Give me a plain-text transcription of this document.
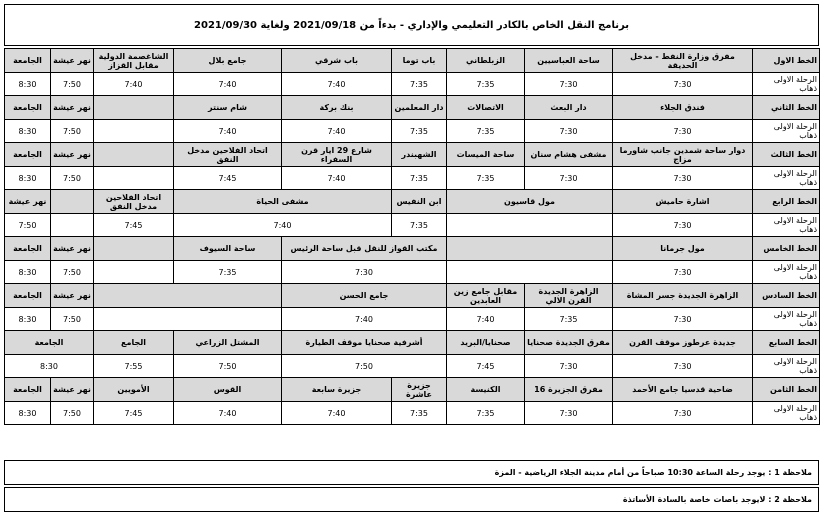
برنامج النقل الخاص بالكادر التعليمي والإداري - بدءاً من 2021/09/18 ولغاية 2021/09/30
الخط الاول	مفرق وزارة النفط - مدخل الحديقة	ساحة العباسيين	الزبلطاني	باب توما	باب شرقي	جامع بلال	الشاغصمة الدولية مقابل القزاز	نهر عيشة	الجامعة	
الرحلة الاولى ذهاب	7:30	7:30	7:35	7:35	7:40	7:40	7:40	7:50	8:30	
الخط الثاني	فندق الجلاء	دار البعث	الاتصالات	دار المعلمين	بنك بركة	شام سنتر		نهر عيشة	الجامعة	
الرحلة الاولى ذهاب	7:30	7:30	7:35	7:35	7:40	7:40		7:50	8:30	
الخط الثالث	دوار ساحة شمدين جانب شاورما مزاج	مشفى هشام سنان	ساحة الميسات	الشهبندر	شارع 29 ايار قرن السفراء	اتحاد الفلاحين مدخل النفق		نهر عيشة	الجامعة	
الرحلة الاولى ذهاب	7:30	7:30	7:35	7:35	7:40	7:45		7:50	8:30	
الخط الرابع	اشارة حاميش	مول قاسيون		ابن النفيس	مشفى الحياة		اتحاد الفلاحين مدخل النفق		نهر عيشة	
الرحلة الاولى ذهاب	7:30			7:35	7:40		7:45		7:50	
الخط الخامس	مول جرمانا			مكتب القواز للنقل قبل ساحة الرئيس		ساحة السيوف		نهر عيشة	الجامعة	
الرحلة الاولى ذهاب	7:30			7:30		7:35		7:50	8:30	
الخط السادس	الزاهرة الجديدة جسر المشاة	الزاهرة الجديدة القرن الالي	مقابل جامع زين العابدين	جامع الحسن				نهر عيشة	الجامعة	
الرحلة الاولى ذهاب	7:30	7:35	7:40	7:40				7:50	8:30	
الخط السابع	جديدة عرطوز موقف القرن	مفرق الجديدة صحنايا	صحنايا/البريد	أشرفية صحنايا موقف الطيارة		المشتل الزراعي	الجامع	الجامعة		
الرحلة الاولى ذهاب	7:30	7:30	7:45	7:50		7:50	7:55	8:30		
الخط الثامن	ضاحية قدسيا جامع الأحمد	مفرق الجزيرة 16	الكنيسة	جزيرة عاشرة	جزيرة سابعة	القوس	الأمويين	نهر عيشة	الجامعة	
الرحلة الاولى ذهاب	7:30	7:30	7:35	7:35	7:40	7:40	7:45	7:50	8:30	
ملاحظة 1 : يوجد رحلة الساعة 10:30 صباحاً من أمام مدينة الجلاء الرياضية - المزة
ملاحظة 2 : لايوجد باصات خاصة بالسادة الأساتذة
